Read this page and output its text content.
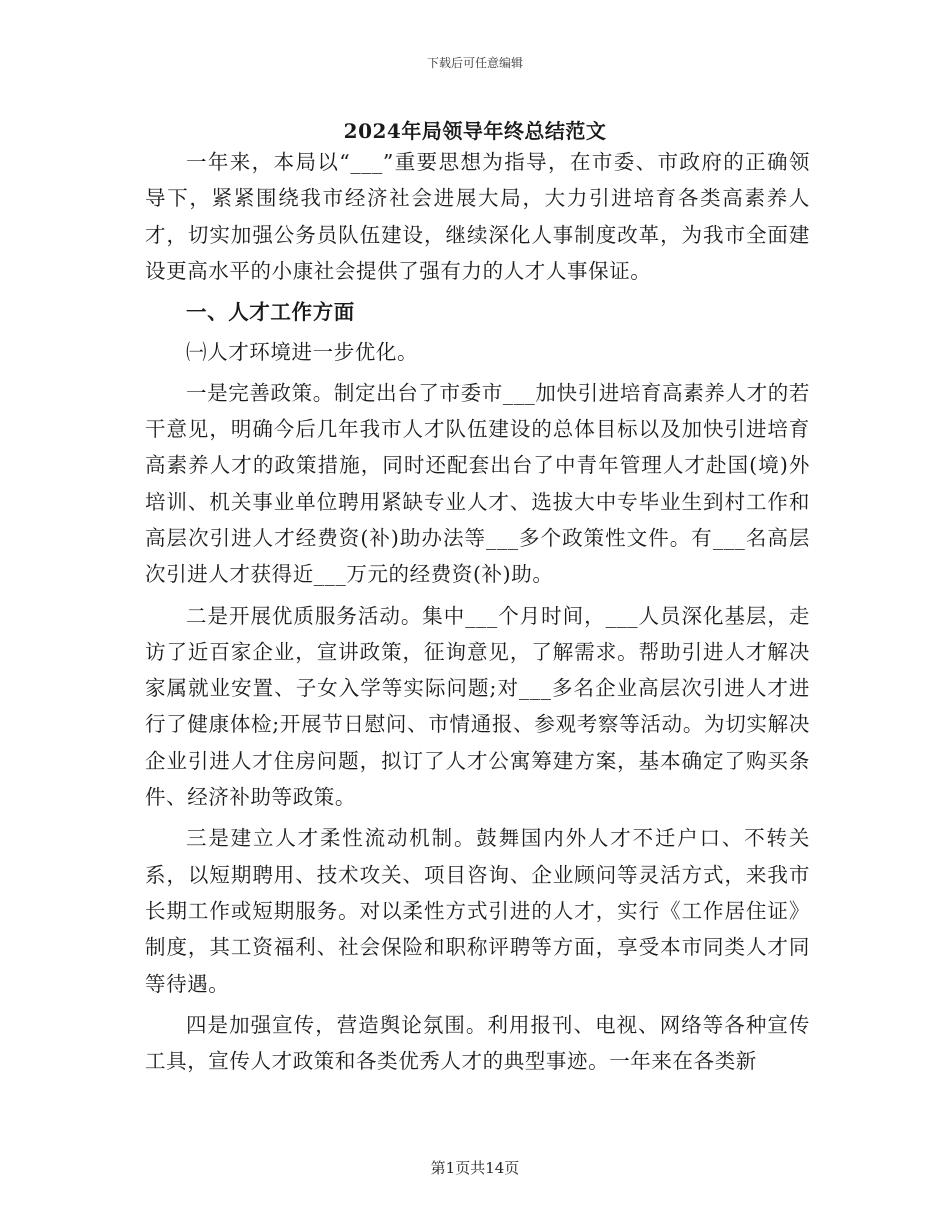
下载后可任意编辑
2024年局领导年终总结范文

一年来，本局以“___”重要思想为指导，在市委、市政府的正确领导下，紧紧围绕我市经济社会进展大局，大力引进培育各类高素养人才，切实加强公务员队伍建设，继续深化人事制度改革，为我市全面建设更高水平的小康社会提供了强有力的人才人事保证。

一、人才工作方面

㈠人才环境进一步优化。

一是完善政策。制定出台了市委市___加快引进培育高素养人才的若干意见，明确今后几年我市人才队伍建设的总体目标以及加快引进培育高素养人才的政策措施，同时还配套出台了中青年管理人才赴国(境)外培训、机关事业单位聘用紧缺专业人才、选拔大中专毕业生到村工作和高层次引进人才经费资(补)助办法等___多个政策性文件。有___名高层次引进人才获得近___万元的经费资(补)助。

二是开展优质服务活动。集中___个月时间，___人员深化基层，走访了近百家企业，宣讲政策，征询意见，了解需求。帮助引进人才解决家属就业安置、子女入学等实际问题;对___多名企业高层次引进人才进行了健康体检;开展节日慰问、市情通报、参观考察等活动。为切实解决企业引进人才住房问题，拟订了人才公寓筹建方案，基本确定了购买条件、经济补助等政策。

三是建立人才柔性流动机制。鼓舞国内外人才不迁户口、不转关系，以短期聘用、技术攻关、项目咨询、企业顾问等灵活方式，来我市长期工作或短期服务。对以柔性方式引进的人才，实行《工作居住证》制度，其工资福利、社会保险和职称评聘等方面，享受本市同类人才同等待遇。

四是加强宣传，营造舆论氛围。利用报刊、电视、网络等各种宣传工具，宣传人才政策和各类优秀人才的典型事迹。一年来在各类新

第1页共14页
